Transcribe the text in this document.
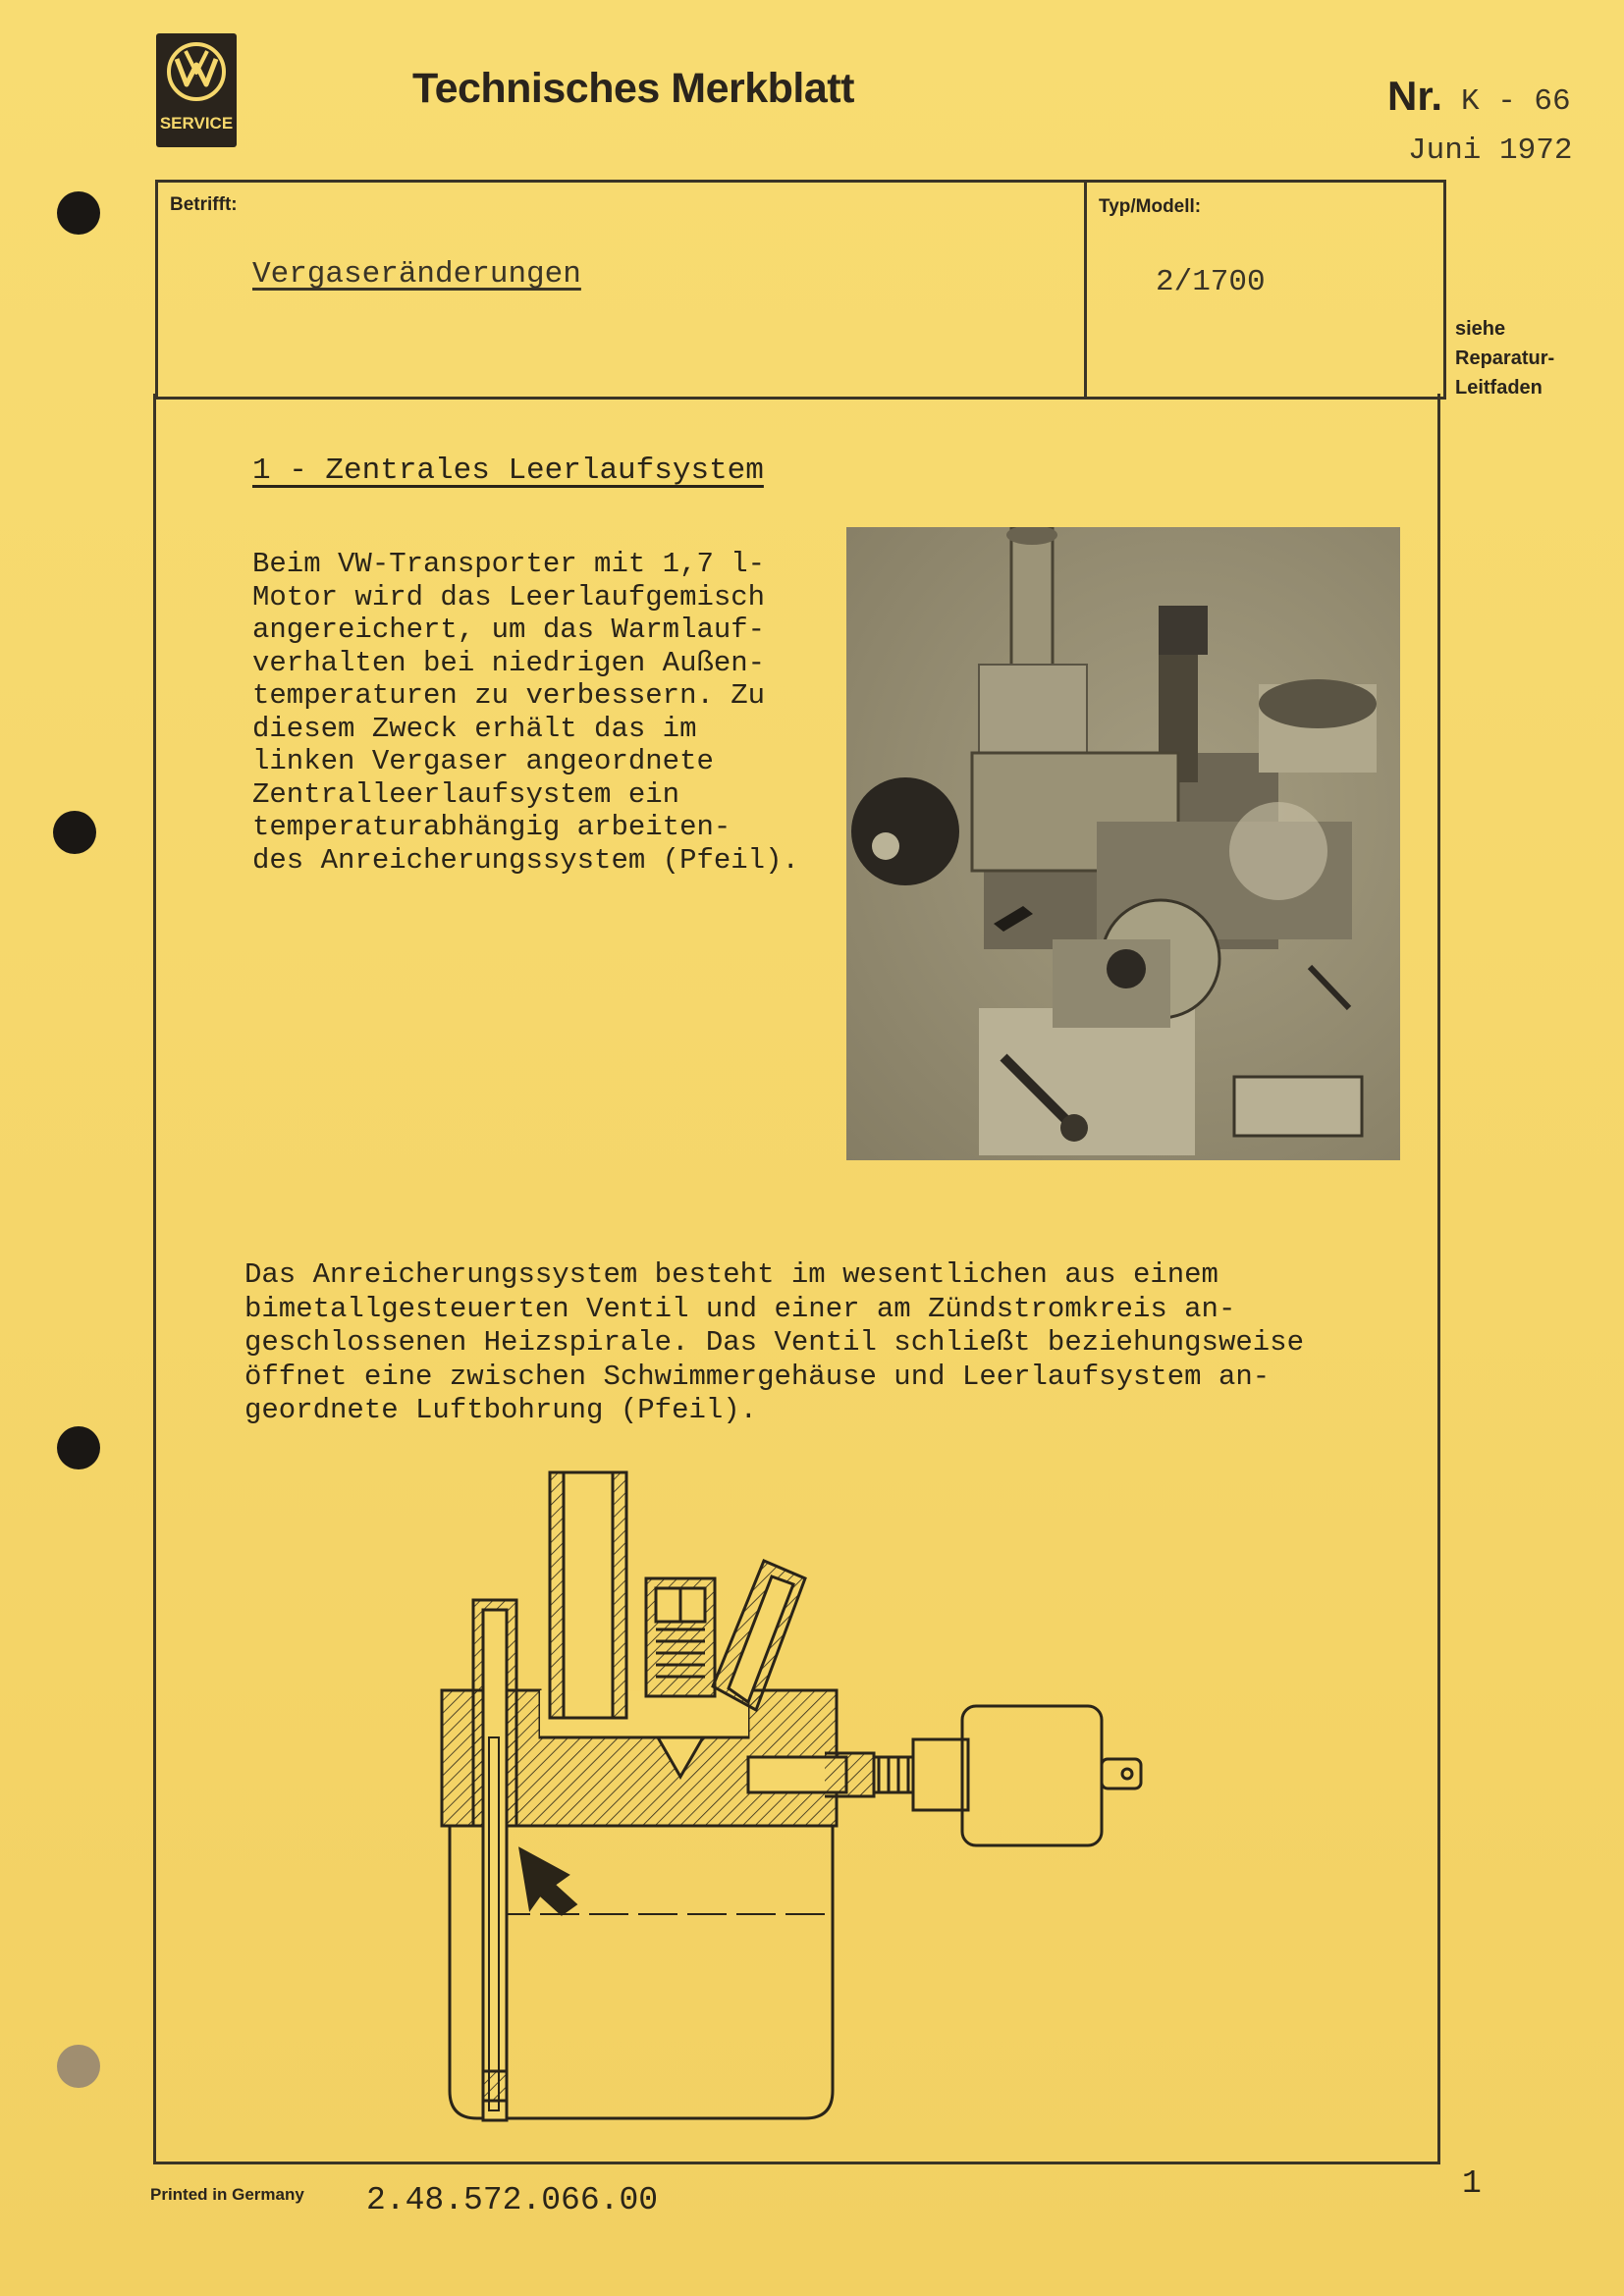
VW
SERVICE
Technisches Merkblatt	Nr. K - 66
Juni 1972
Betrifft:	Typ/Modell:
Vergaseränderungen	2/1700
siehe
Reparatur-
Leitfaden
1 - Zentrales Leerlaufsystem
Beim VW-Transporter mit 1,7 l-
Motor wird das Leerlaufgemisch
angereichert, um das Warmlauf-
verhalten bei niedrigen Außen-
temperaturen zu verbessern. Zu
diesem Zweck erhält das im
linken Vergaser angeordnete
Zentralleerlaufsystem ein
temperaturabhängig arbeiten-
des Anreicherungssystem (Pfeil).
Das Anreicherungssystem besteht im wesentlichen aus einem
bimetallgesteuerten Ventil und einer am Zündstromkreis an-
geschlossenen Heizspirale. Das Ventil schließt beziehungsweise
öffnet eine zwischen Schwimmergehäuse und Leerlaufsystem an-
geordnete Luftbohrung (Pfeil).
Printed in Germany 2.48.572.066.00	1
